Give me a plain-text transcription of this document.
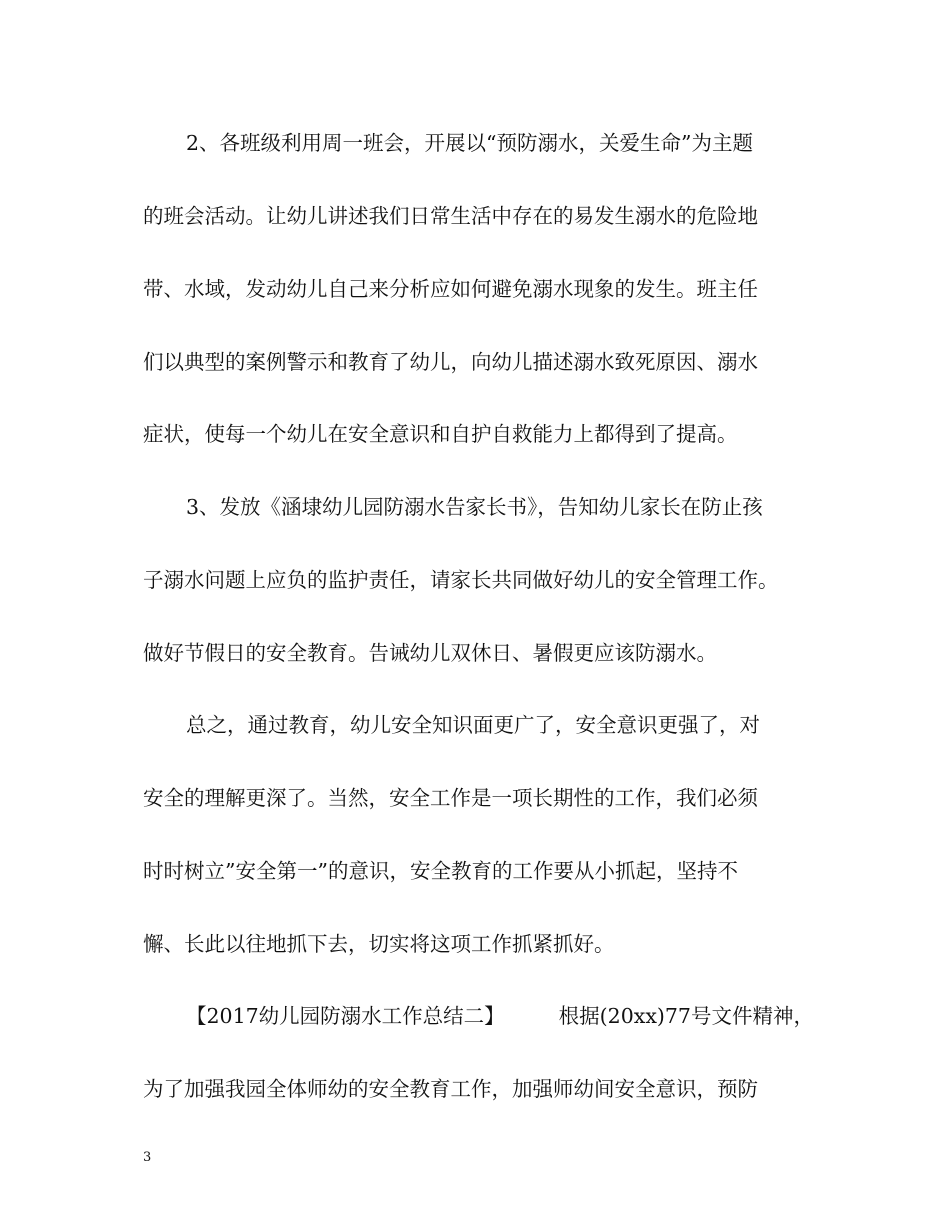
2、各班级利用周一班会，开展以“预防溺水，关爱生命”为主题
的班会活动。让幼儿讲述我们日常生活中存在的易发生溺水的危险地
带、水域，发动幼儿自己来分析应如何避免溺水现象的发生。班主任
们以典型的案例警示和教育了幼儿，向幼儿描述溺水致死原因、溺水
症状，使每一个幼儿在安全意识和自护自救能力上都得到了提高。
3、发放《涵埭幼儿园防溺水告家长书》，告知幼儿家长在防止孩
子溺水问题上应负的监护责任，请家长共同做好幼儿的安全管理工作。
做好节假日的安全教育。告诫幼儿双休日、暑假更应该防溺水。
总之，通过教育，幼儿安全知识面更广了，安全意识更强了，对
安全的理解更深了。当然，安全工作是一项长期性的工作，我们必须
时时树立”安全第一”的意识，安全教育的工作要从小抓起，坚持不
懈、长此以往地抓下去，切实将这项工作抓紧抓好。
【2017幼儿园防溺水工作总结二】	根据(20xx)77号文件精神，
为了加强我园全体师幼的安全教育工作，加强师幼间安全意识，预防
3
